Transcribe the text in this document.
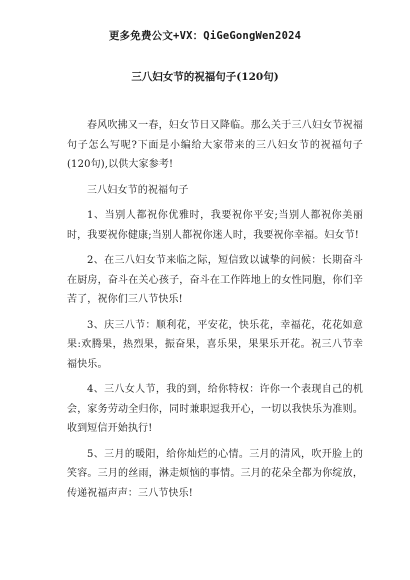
更多免费公文+VX：QiGeGongWen2024
三八妇女节的祝福句子(120句)

春风吹拂又一春，妇女节日又降临。那么关于三八妇女节祝福句子怎么写呢?下面是小编给大家带来的三八妇女节的祝福句子(120句),以供大家参考!

三八妇女节的祝福句子

1、当别人都祝你优雅时，我要祝你平安;当别人都祝你美丽时，我要祝你健康;当别人都祝你迷人时，我要祝你幸福。妇女节!

2、在三八妇女节来临之际，短信致以诚挚的问候：长期奋斗在厨房，奋斗在关心孩子，奋斗在工作阵地上的女性同胞，你们辛苦了，祝你们三八节快乐!

3、庆三八节：顺利花，平安花，快乐花，幸福花，花花如意果:欢腾果，热烈果，振奋果，喜乐果，果果乐开花。祝三八节幸福快乐。

4、三八女人节，我的到，给你特权：许你一个表现自己的机会，家务劳动全归你，同时兼职逗我开心，一切以我快乐为准则。收到短信开始执行!

5、三月的暖阳，给你灿烂的心情。三月的清风，吹开脸上的笑容。三月的丝雨，淋走烦恼的事情。三月的花朵全都为你绽放，传递祝福声声：三八节快乐!
